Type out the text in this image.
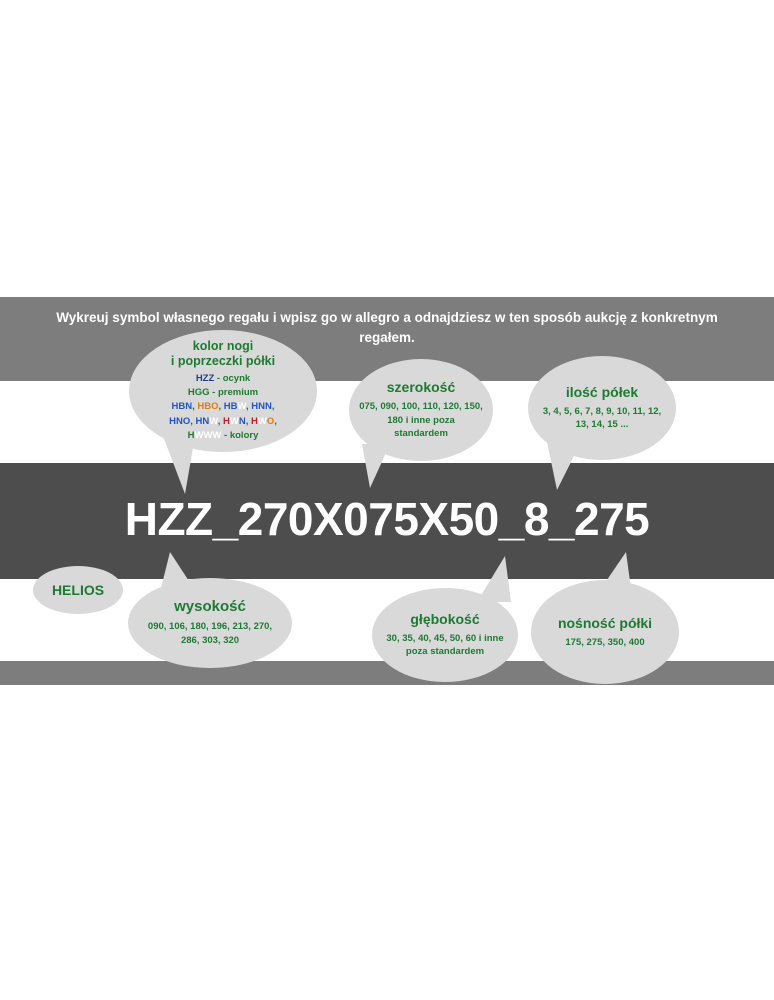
Wykreuj symbol własnego regału i wpisz go w allegro a odnajdziesz w ten sposób aukcję z konkretnym regałem.
HZZ_270X075X50_8_275
kolor nogi
i poprzeczki półki
HZZ - ocynk
HGG - premium
HBN, HBO, HBW, HNN,
HNO, HNW, HWN, HWO,
HWWW - kolory
szerokość
075, 090, 100, 110, 120, 150, 180 i inne poza standardem
ilość półek
3, 4, 5, 6, 7, 8, 9, 10, 11, 12, 13, 14, 15 ...
HELIOS
wysokość
090, 106, 180, 196, 213, 270, 286, 303, 320
głębokość
30, 35, 40, 45, 50, 60 i inne poza standardem
nośność półki
175, 275, 350, 400
